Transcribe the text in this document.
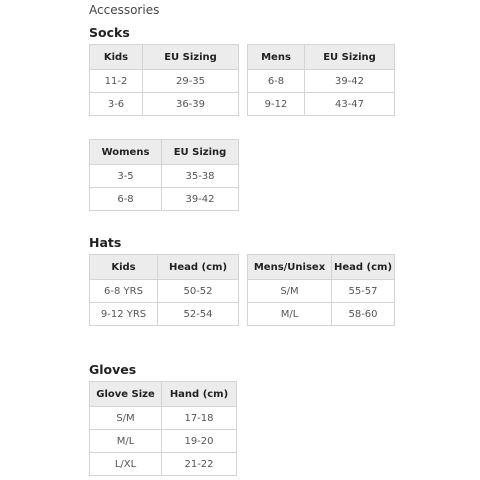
Accessories
Socks
Kids	EU Sizing
11-2	29-35
3-6	36-39
Mens	EU Sizing
6-8	39-42
9-12	43-47
Womens	EU Sizing
3-5	35-38
6-8	39-42
Hats
Kids	Head (cm)
6-8 YRS	50-52
9-12 YRS	52-54
Mens/Unisex	Head (cm)
S/M	55-57
M/L	58-60
Gloves
Glove Size	Hand (cm)
S/M	17-18
M/L	19-20
L/XL	21-22
